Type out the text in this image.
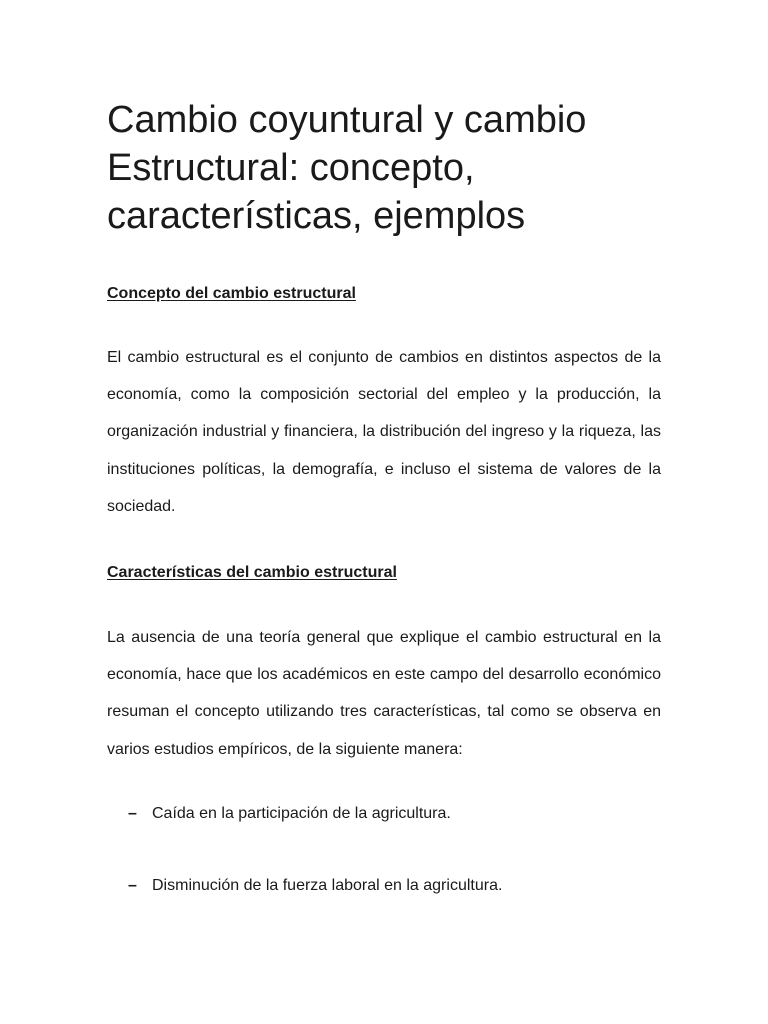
Cambio coyuntural y cambio Estructural: concepto, características, ejemplos
Concepto del cambio estructural

El cambio estructural es el conjunto de cambios en distintos aspectos de la economía, como la composición sectorial del empleo y la producción, la organización industrial y financiera, la distribución del ingreso y la riqueza, las instituciones políticas, la demografía, e incluso el sistema de valores de la sociedad.

Características del cambio estructural

La ausencia de una teoría general que explique el cambio estructural en la economía, hace que los académicos en este campo del desarrollo económico resuman el concepto utilizando tres características, tal como se observa en varios estudios empíricos, de la siguiente manera:

– Caída en la participación de la agricultura.
– Disminución de la fuerza laboral en la agricultura.
